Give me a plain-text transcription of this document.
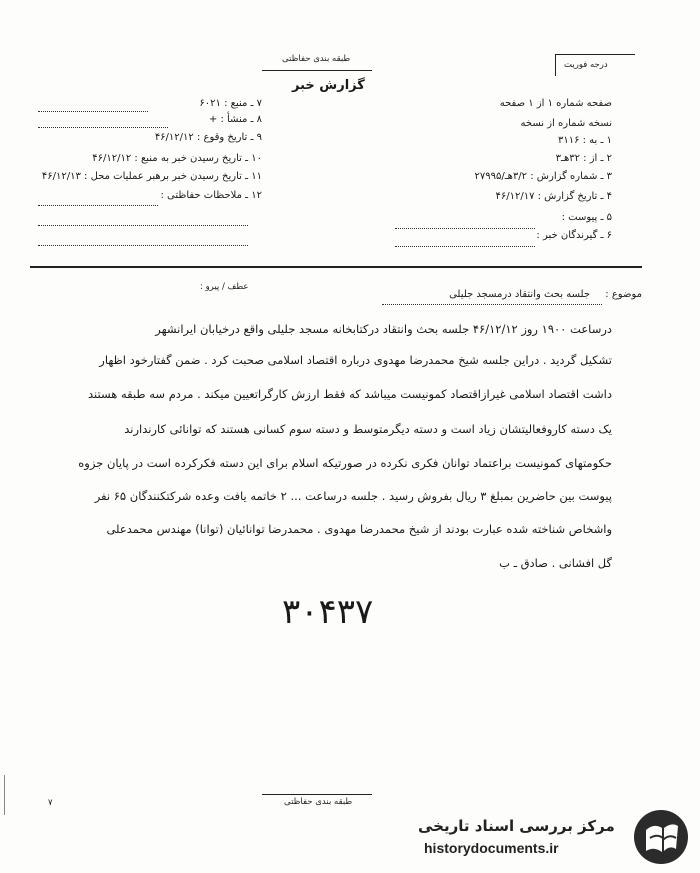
طبقه بندی حفاظتی
درجه فوریت
گزارش خبر
صفحه شماره ۱ از ۱ صفحه
نسخه شماره از نسخه
۱ ـ به : ۳۱۱۶
۲ ـ از : ۳۲هـ۳
۳ ـ شماره گزارش : ۳/۲هـ/۲۷۹۹۵
۴ ـ تاریخ گزارش : ۴۶/۱۲/۱۷
۵ ـ پیوست :
۶ ـ گیرندگان خبر :
۷ ـ منبع : ۶۰۲۱
۸ ـ منشأ : +
۹ ـ تاریخ وقوع : ۴۶/۱۲/۱۲
۱۰ ـ تاریخ رسیدن خبر به منبع : ۴۶/۱۲/۱۲
۱۱ ـ تاریخ رسیدن خبر برهبر عملیات محل : ۴۶/۱۲/۱۳
۱۲ ـ ملاحظات حفاظتی :
عطف / پیرو :
موضوع :
جلسه بحث وانتقاد درمسجد جلیلی
درساعت ۱۹۰۰ روز ۴۶/۱۲/۱۲ جلسه بحث وانتقاد درکتابخانه مسجد جلیلی واقع درخیابان ایرانشهر
تشکیل گردید . دراین جلسه شیخ محمدرضا مهدوی درباره اقتصاد اسلامی صحبت کرد . ضمن گفتارخود اظهار
داشت اقتصاد اسلامی غیرازاقتصاد کمونیست میباشد که فقط ارزش کارگراتعیین میکند . مردم سه طبقه هستند
یک دسته کاروفعالیتشان زیاد است و دسته دیگرمتوسط و دسته سوم کسانی هستند که توانائی کارندارند
حکومتهای کمونیست براعتماد توانان فکری نکرده در صورتیکه اسلام برای این دسته فکرکرده است در پایان جزوه
پیوست بین حاضرین بمبلغ ۳ ریال بفروش رسید . جلسه درساعت ... ۲ خاتمه یافت وعده شرکتکنندگان ۶۵ نفر
واشخاص شناخته شده عبارت بودند از شیخ محمدرضا مهدوی . محمدرضا توانائیان (توانا) مهندس محمدعلی
گل افشانی . صادق ـ ب
۳۰۴۳۷
۷	طبقه بندی حفاظتی
مرکز بررسی اسناد تاریخی
historydocuments.ir
